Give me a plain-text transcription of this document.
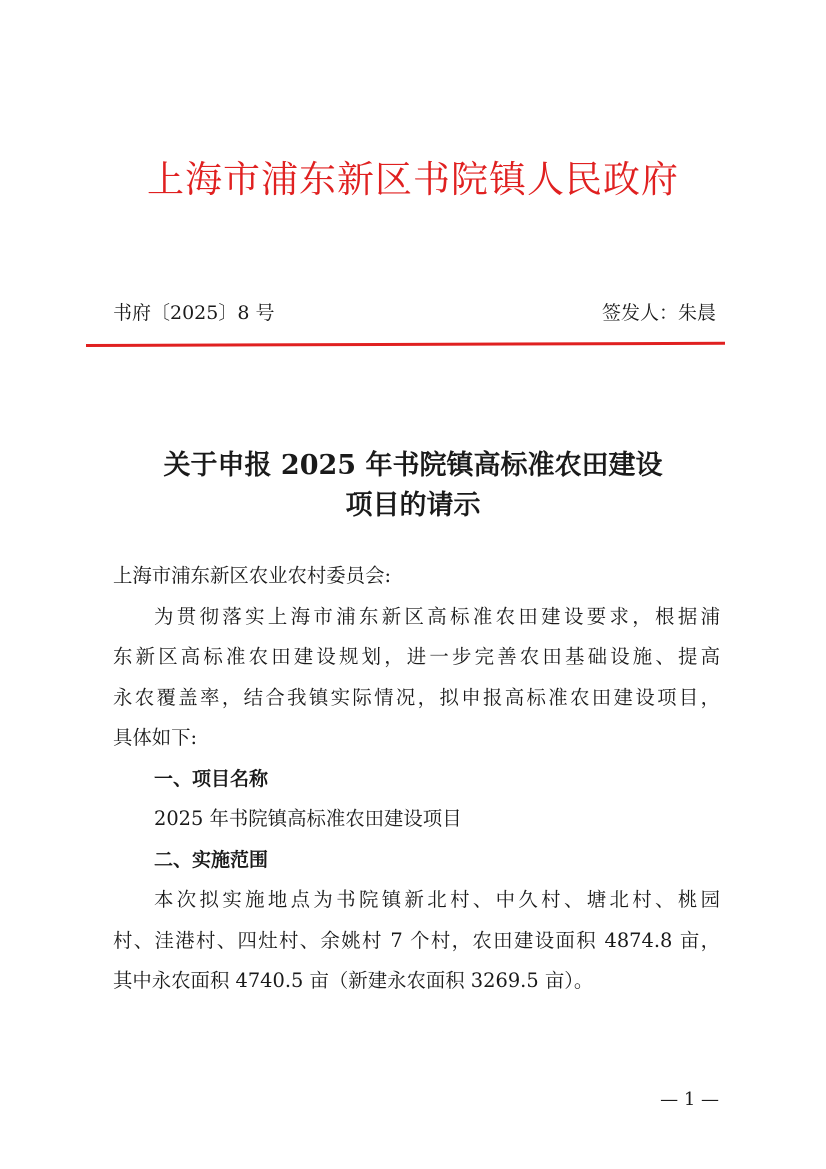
上海市浦东新区书院镇人民政府
书府〔2025〕8 号	签发人：朱晨
关于申报 2025 年书院镇高标准农田建设
项目的请示
上海市浦东新区农业农村委员会:
为贯彻落实上海市浦东新区高标准农田建设要求，根据浦
东新区高标准农田建设规划，进一步完善农田基础设施、提高
永农覆盖率，结合我镇实际情况，拟申报高标准农田建设项目，
具体如下:
一、项目名称
2025 年书院镇高标准农田建设项目
二、实施范围
本次拟实施地点为书院镇新北村、中久村、塘北村、桃园
村、洼港村、四灶村、余姚村 7 个村，农田建设面积 4874.8 亩，
其中永农面积 4740.5 亩（新建永农面积 3269.5 亩）。
— 1 —
